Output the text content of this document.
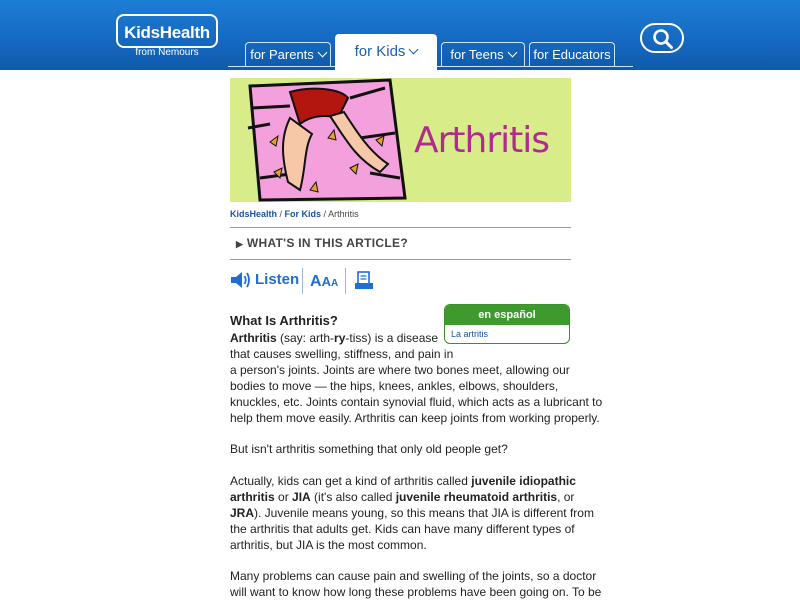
KidsHealth
from Nemours	for Parents	for Kids	for Teens	for Educators
Arthritis
KidsHealth / For Kids / Arthritis
▶ WHAT'S IN THIS ARTICLE?
Listen AAA
en español
La artritis
What Is Arthritis?
Arthritis (say: arth-ry-tiss) is a disease
that causes swelling, stiffness, and pain in
a person's joints. Joints are where two bones meet, allowing our
bodies to move — the hips, knees, ankles, elbows, shoulders,
knuckles, etc. Joints contain synovial fluid, which acts as a lubricant to
help them move easily. Arthritis can keep joints from working properly.
But isn't arthritis something that only old people get?
Actually, kids can get a kind of arthritis called juvenile idiopathic
arthritis or JIA (it's also called juvenile rheumatoid arthritis, or
JRA). Juvenile means young, so this means that JIA is different from
the arthritis that adults get. Kids can have many different types of
arthritis, but JIA is the most common.
Many problems can cause pain and swelling of the joints, so a doctor
will want to know how long these problems have been going on. To be
